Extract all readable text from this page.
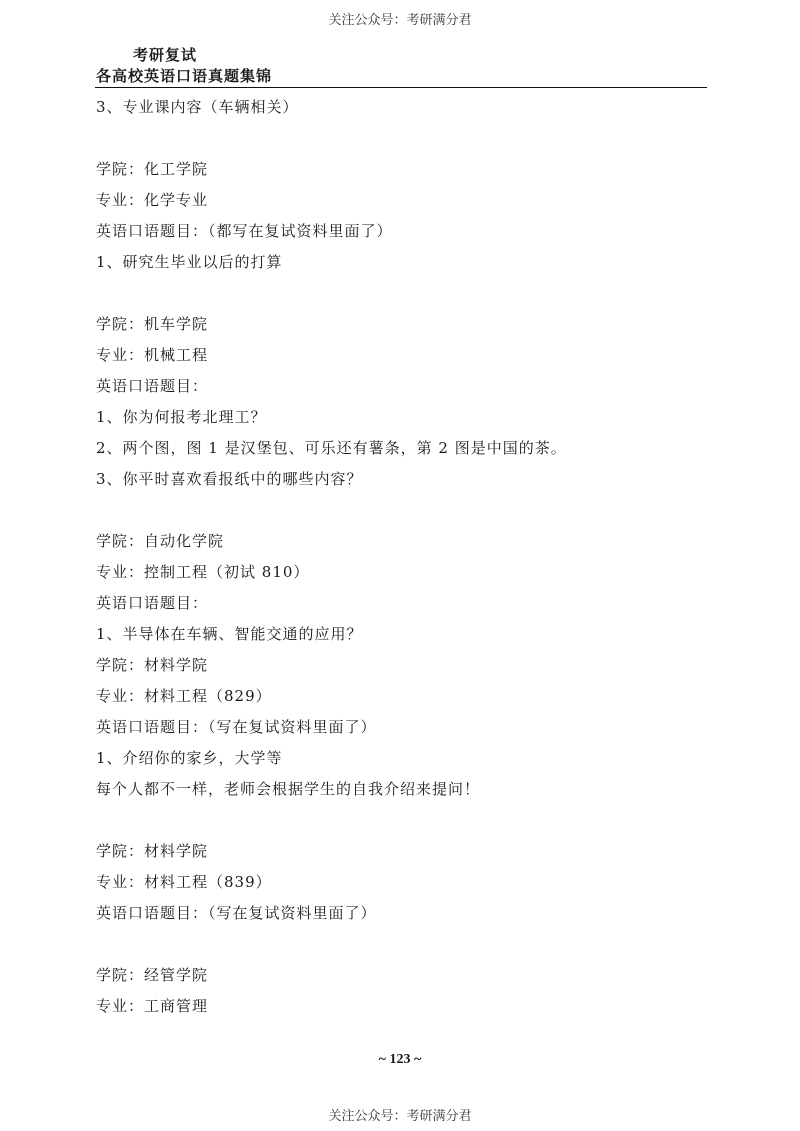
关注公众号：考研满分君
考研复试
各高校英语口语真题集锦
3、专业课内容（车辆相关）
学院：化工学院
专业：化学专业
英语口语题目：（都写在复试资料里面了）
1、研究生毕业以后的打算
学院：机车学院
专业：机械工程
英语口语题目：
1、你为何报考北理工？
2、两个图，图 1 是汉堡包、可乐还有薯条，第 2 图是中国的茶。
3、你平时喜欢看报纸中的哪些内容？
学院：自动化学院
专业：控制工程（初试 810）
英语口语题目：
1、半导体在车辆、智能交通的应用？
学院：材料学院
专业：材料工程（829）
英语口语题目：（写在复试资料里面了）
1、介绍你的家乡，大学等
每个人都不一样，老师会根据学生的自我介绍来提问！
学院：材料学院
专业：材料工程（839）
英语口语题目：（写在复试资料里面了）
学院：经管学院
专业：工商管理
~ 123 ~
关注公众号：考研满分君
